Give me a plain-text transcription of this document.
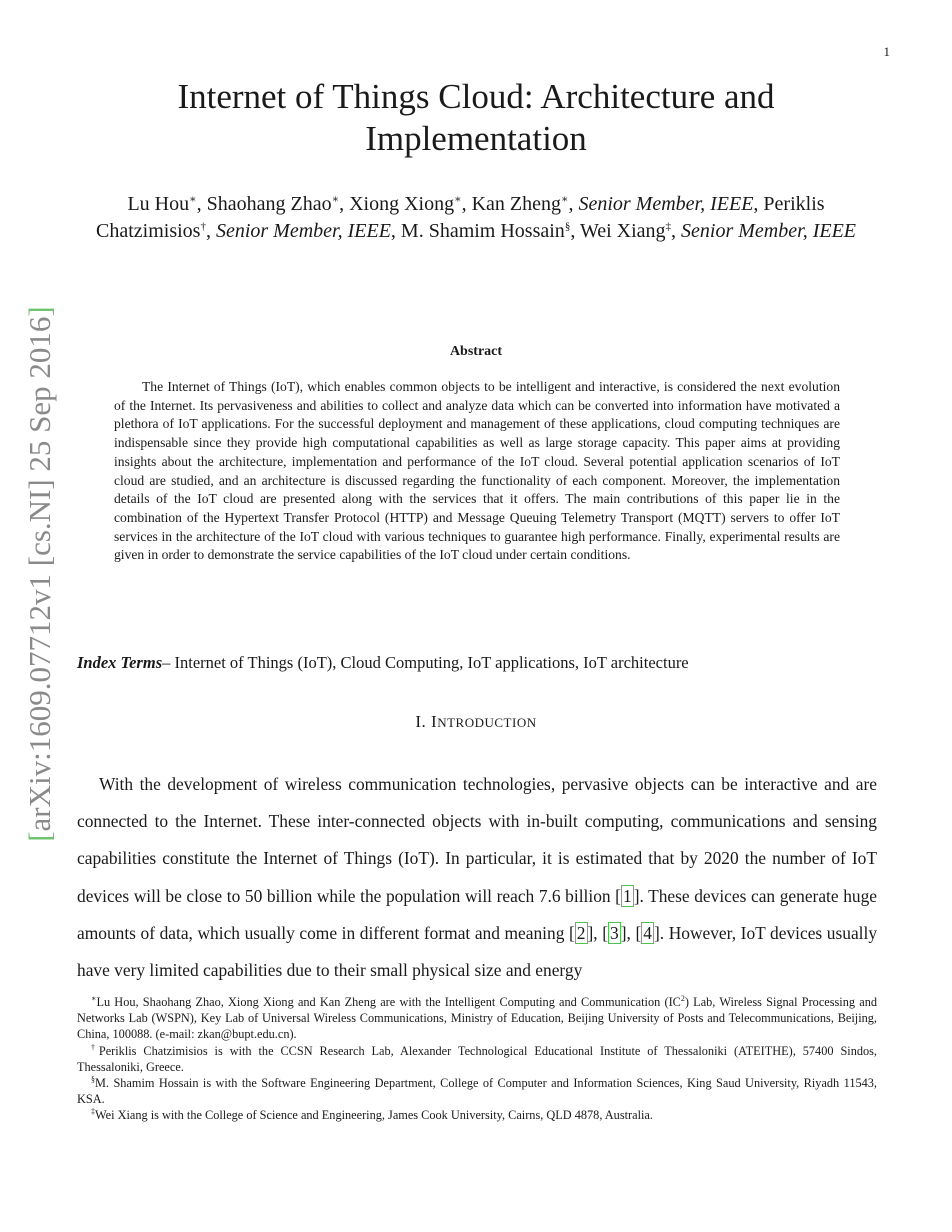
1
[arXiv:1609.07712v1 [cs.NI] 25 Sep 2016]
Internet of Things Cloud: Architecture and Implementation
Lu Hou∗, Shaohang Zhao∗, Xiong Xiong∗, Kan Zheng∗, Senior Member, IEEE, Periklis Chatzimisios†, Senior Member, IEEE, M. Shamim Hossain§, Wei Xiang‡, Senior Member, IEEE
Abstract

The Internet of Things (IoT), which enables common objects to be intelligent and interactive, is considered the next evolution of the Internet. Its pervasiveness and abilities to collect and analyze data which can be converted into information have motivated a plethora of IoT applications. For the successful deployment and management of these applications, cloud computing techniques are indispensable since they provide high computational capabilities as well as large storage capacity. This paper aims at providing insights about the architecture, implementation and performance of the IoT cloud. Several potential application scenarios of IoT cloud are studied, and an architecture is discussed regarding the functionality of each component. Moreover, the implementation details of the IoT cloud are presented along with the services that it offers. The main contributions of this paper lie in the combination of the Hypertext Transfer Protocol (HTTP) and Message Queuing Telemetry Transport (MQTT) servers to offer IoT services in the architecture of the IoT cloud with various techniques to guarantee high performance. Finally, experimental results are given in order to demonstrate the service capabilities of the IoT cloud under certain conditions.

Index Terms– Internet of Things (IoT), Cloud Computing, IoT applications, IoT architecture

I. INTRODUCTION

With the development of wireless communication technologies, pervasive objects can be interactive and are connected to the Internet. These inter-connected objects with in-built computing, communications and sensing capabilities constitute the Internet of Things (IoT). In particular, it is estimated that by 2020 the number of IoT devices will be close to 50 billion while the population will reach 7.6 billion [ 1 ]. These devices can generate huge amounts of data, which usually come in different format and meaning [ 2 ], [ 3 ], [ 4 ]. However, IoT devices usually have very limited capabilities due to their small physical size and energy

∗Lu Hou, Shaohang Zhao, Xiong Xiong and Kan Zheng are with the Intelligent Computing and Communication $(IC^2)$ Lab, Wireless Signal Processing and Networks Lab (WSPN), Key Lab of Universal Wireless Communications, Ministry of Education, Beijing University of Posts and Telecommunications, Beijing, China, 100088. (e-mail: zkan@bupt.edu.cn).

†Periklis Chatzimisios is with the CCSN Research Lab, Alexander Technological Educational Institute of Thessaloniki (ATEITHE), 57400 Sindos, Thessaloniki, Greece.

§M. Shamim Hossain is with the Software Engineering Department, College of Computer and Information Sciences, King Saud University, Riyadh 11543, KSA.

‡Wei Xiang is with the College of Science and Engineering, James Cook University, Cairns, QLD 4878, Australia.
